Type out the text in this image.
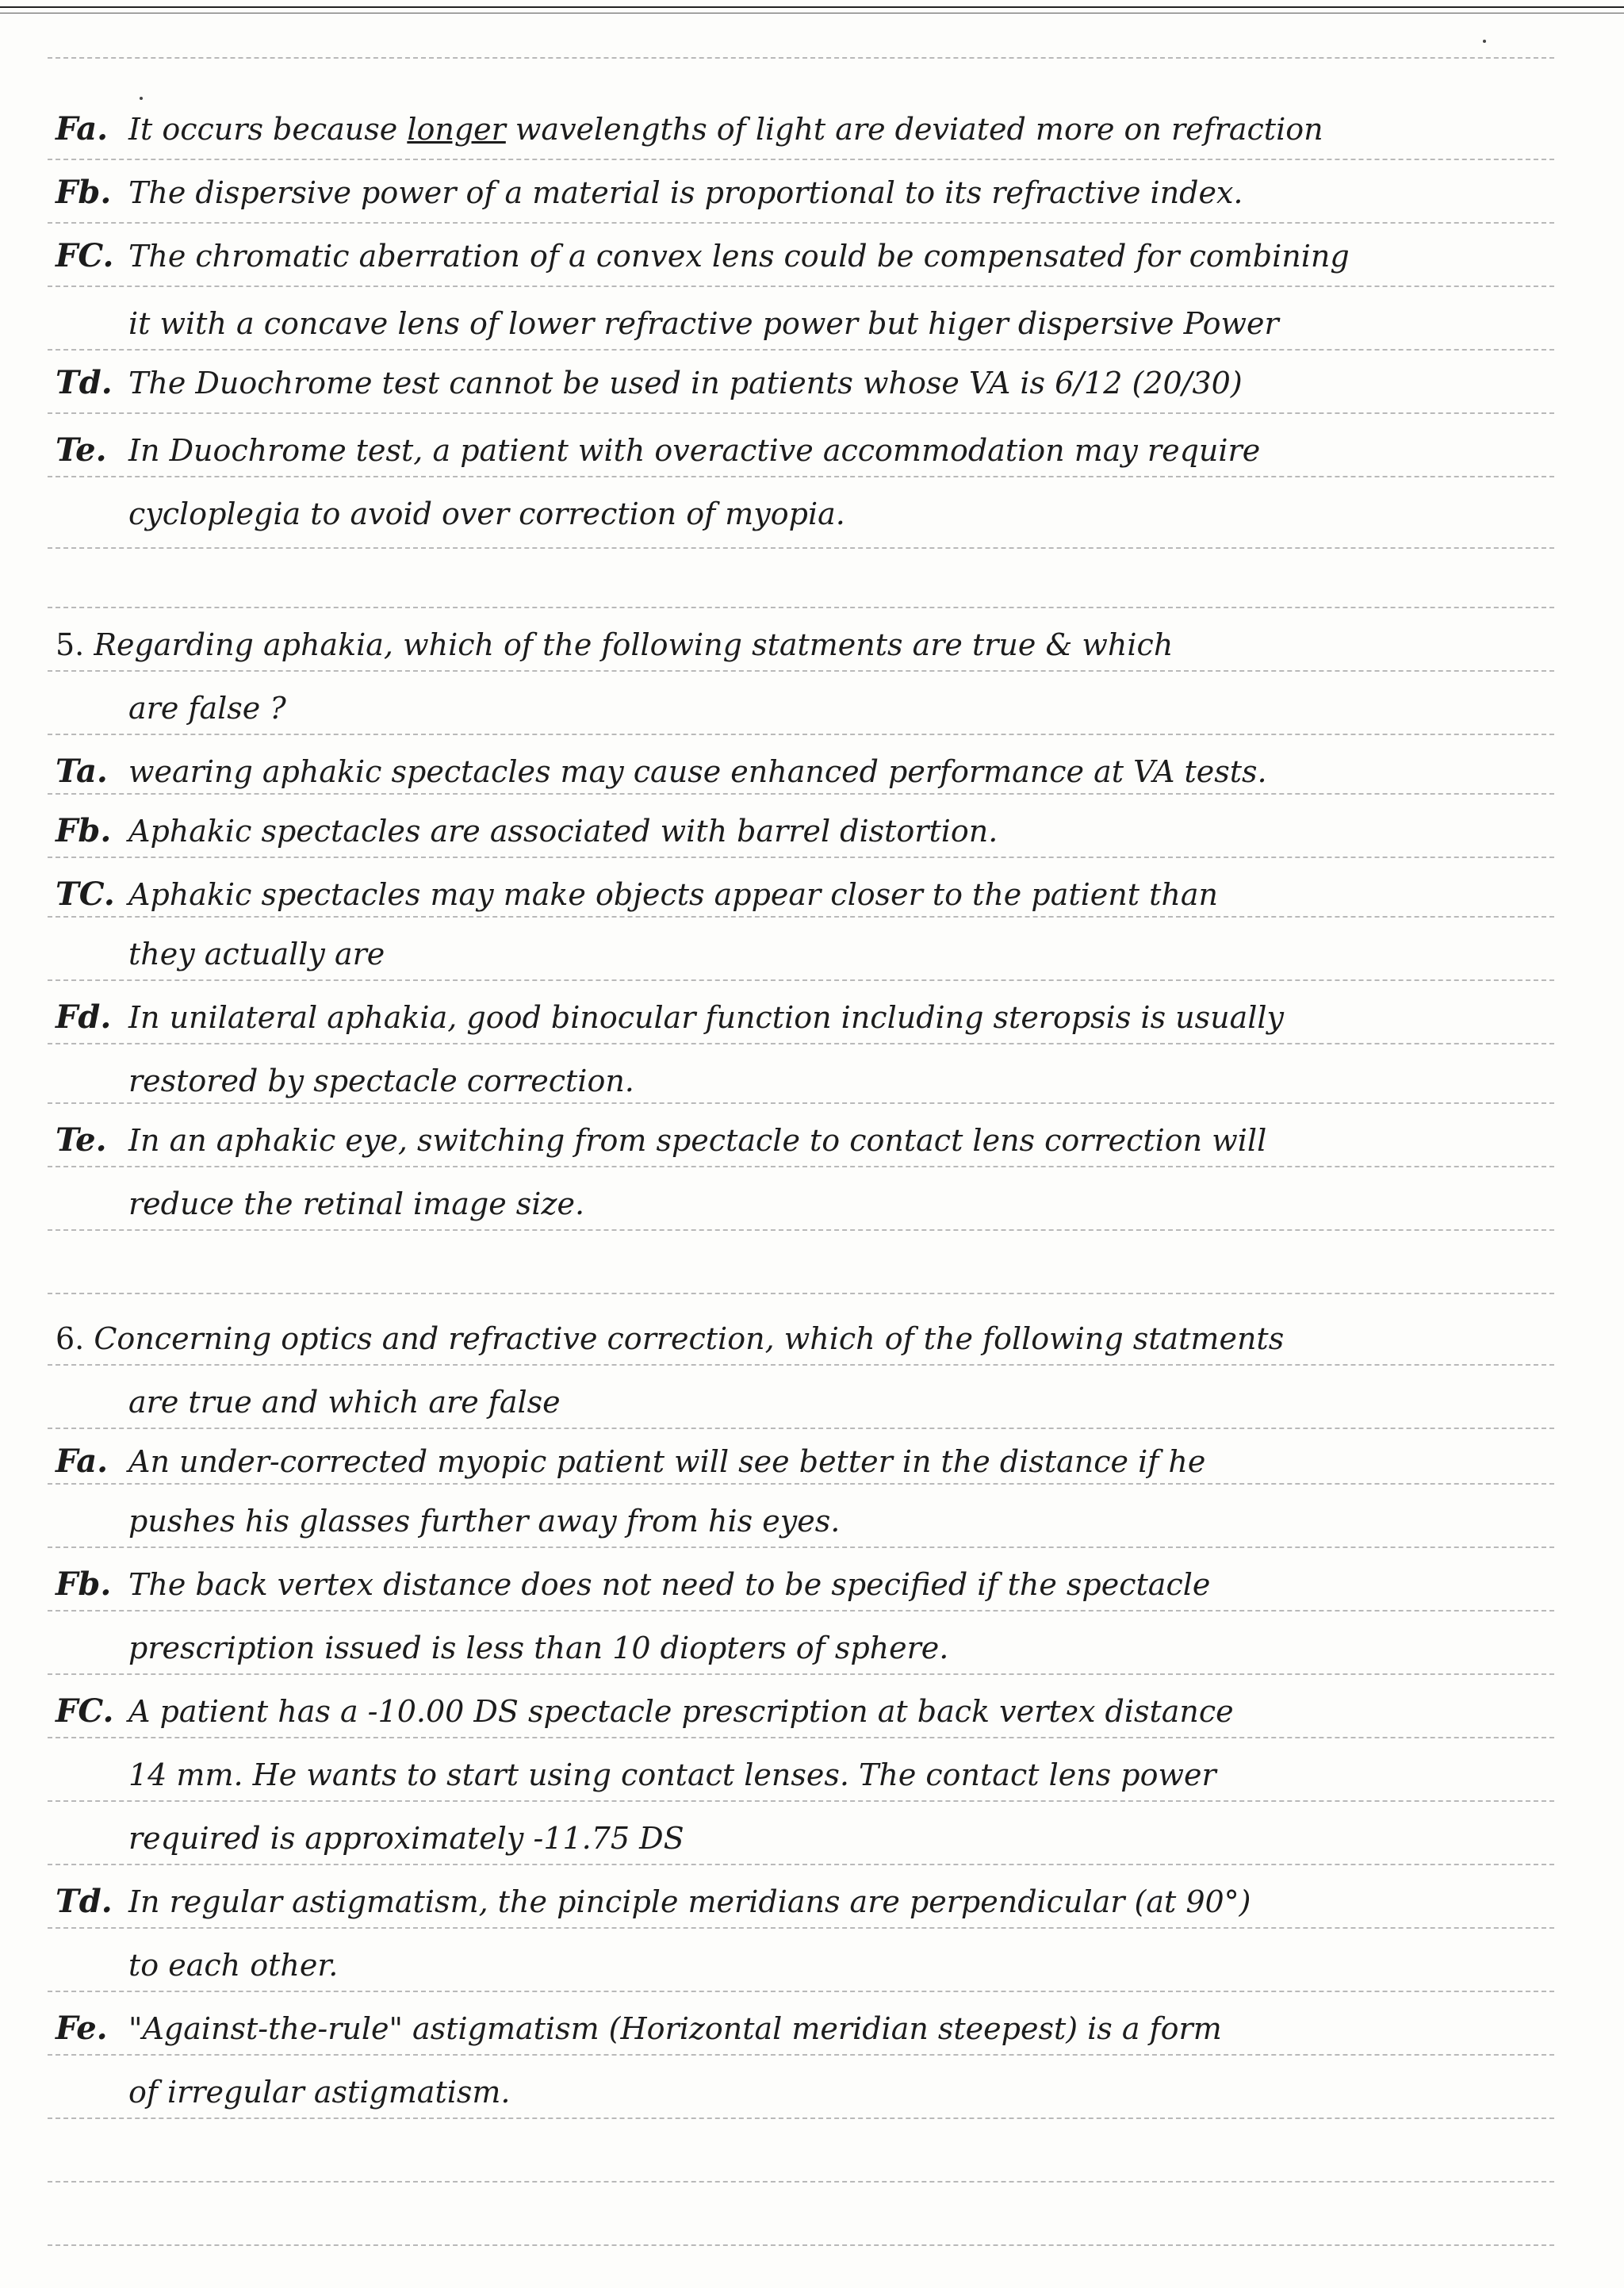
Fa. It occurs because longer wavelengths of light are deviated more on refraction
Fb. The dispersive power of a material is proportional to its refractive index.
FC. The chromatic aberration of a convex lens could be compensated for combining
it with a concave lens of lower refractive power but higer dispersive Power
Td. The Duochrome test cannot be used in patients whose VA is 6/12 (20/30)
Te. In Duochrome test, a patient with overactive accommodation may require
cycloplegia to avoid over correction of myopia.
5. Regarding aphakia, which of the following statments are true & which
are false ?
Ta. wearing aphakic spectacles may cause enhanced performance at VA tests.
Fb. Aphakic spectacles are associated with barrel distortion.
TC. Aphakic spectacles may make objects appear closer to the patient than
they actually are
Fd. In unilateral aphakia, good binocular function including steropsis is usually
restored by spectacle correction.
Te. In an aphakic eye, switching from spectacle to contact lens correction will
reduce the retinal image size.
6. Concerning optics and refractive correction, which of the following statments
are true and which are false
Fa. An under-corrected myopic patient will see better in the distance if he
pushes his glasses further away from his eyes.
Fb. The back vertex distance does not need to be specified if the spectacle
prescription issued is less than 10 diopters of sphere.
FC. A patient has a -10.00 DS spectacle prescription at back vertex distance
14 mm. He wants to start using contact lenses. The contact lens power
required is approximately -11.75 DS
Td. In regular astigmatism, the pinciple meridians are perpendicular (at 90°)
to each other.
Fe. "Against-the-rule" astigmatism (Horizontal meridian steepest) is a form
of irregular astigmatism.
